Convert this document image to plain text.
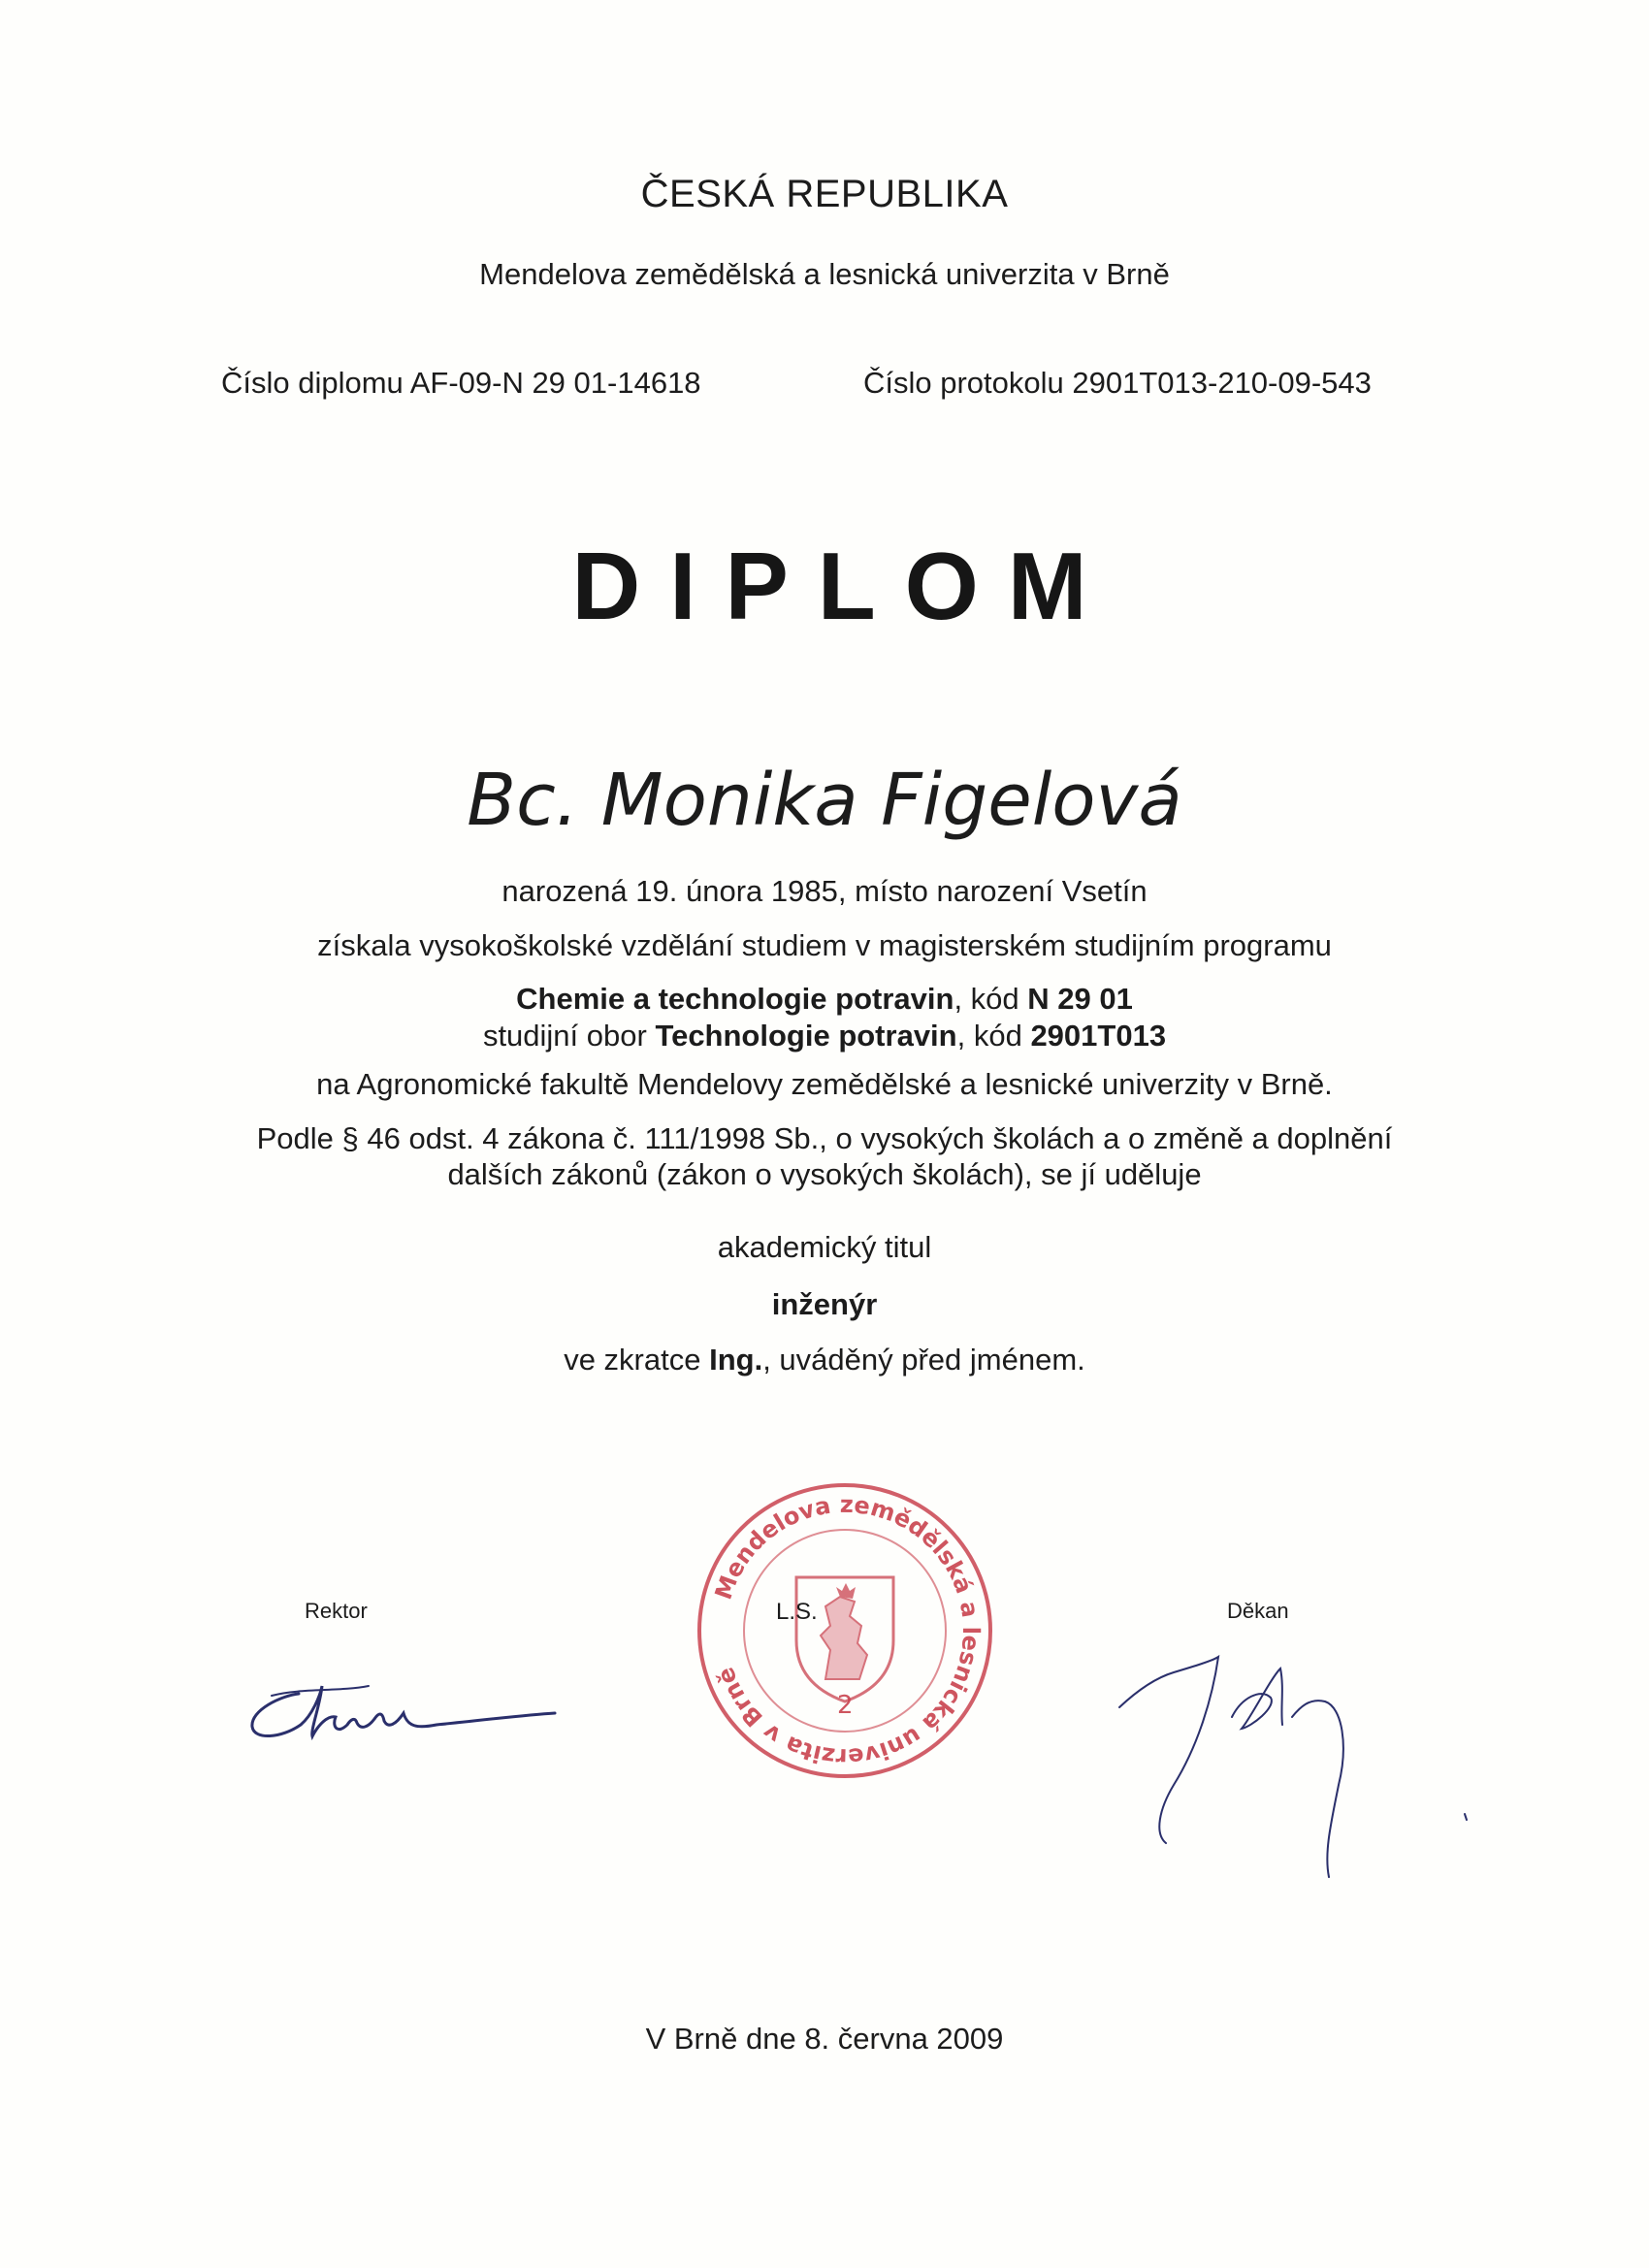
ČESKÁ REPUBLIKA
Mendelova zemědělská a lesnická univerzita v Brně
Číslo diplomu AF-09-N 29 01-14618	Číslo protokolu 2901T013-210-09-543
DIPLOM
Bc. Monika Figelová
narozená 19. února 1985, místo narození Vsetín
získala vysokoškolské vzdělání studiem v magisterském studijním programu
Chemie a technologie potravin, kód N 29 01
studijní obor Technologie potravin, kód 2901T013
na Agronomické fakultě Mendelovy zemědělské a lesnické univerzity v Brně.
Podle § 46 odst. 4 zákona č. 111/1998 Sb., o vysokých školách a o změně a doplnění
dalších zákonů (zákon o vysokých školách), se jí uděluje
akademický titul
inženýr
ve zkratce Ing., uváděný před jménem.
Rektor	Děkan
Mendelova zemědělská a lesnická univerzita v Brně
2
L.S.
V Brně dne 8. června 2009
